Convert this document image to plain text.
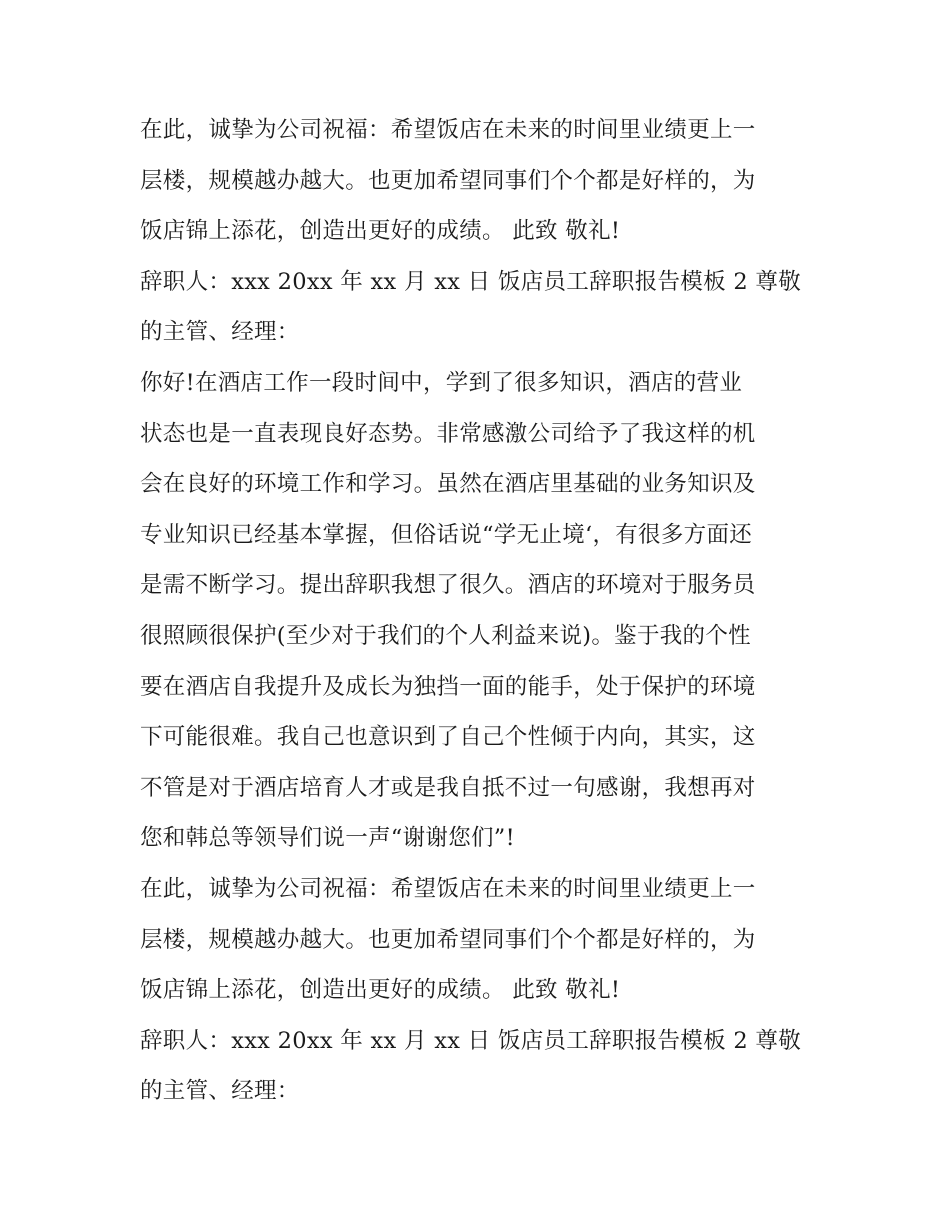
在此，诚挚为公司祝福：希望饭店在未来的时间里业绩更上一
层楼，规模越办越大。也更加希望同事们个个都是好样的，为
饭店锦上添花，创造出更好的成绩。 此致 敬礼!

辞职人：xxx 20xx 年 xx 月 xx 日 饭店员工辞职报告模板 2 尊敬
的主管、经理：

你好!在酒店工作一段时间中，学到了很多知识，酒店的营业
状态也是一直表现良好态势。非常感激公司给予了我这样的机
会在良好的环境工作和学习。虽然在酒店里基础的业务知识及
专业知识已经基本掌握，但俗话说“学无止境‘，有很多方面还
是需不断学习。提出辞职我想了很久。酒店的环境对于服务员
很照顾很保护(至少对于我们的个人利益来说)。鉴于我的个性
要在酒店自我提升及成长为独挡一面的能手，处于保护的环境
下可能很难。我自己也意识到了自己个性倾于内向，其实，这
不管是对于酒店培育人才或是我自抵不过一句感谢，我想再对
您和韩总等领导们说一声“谢谢您们”!

在此，诚挚为公司祝福：希望饭店在未来的时间里业绩更上一
层楼，规模越办越大。也更加希望同事们个个都是好样的，为
饭店锦上添花，创造出更好的成绩。 此致 敬礼!

辞职人：xxx 20xx 年 xx 月 xx 日 饭店员工辞职报告模板 2 尊敬
的主管、经理：
